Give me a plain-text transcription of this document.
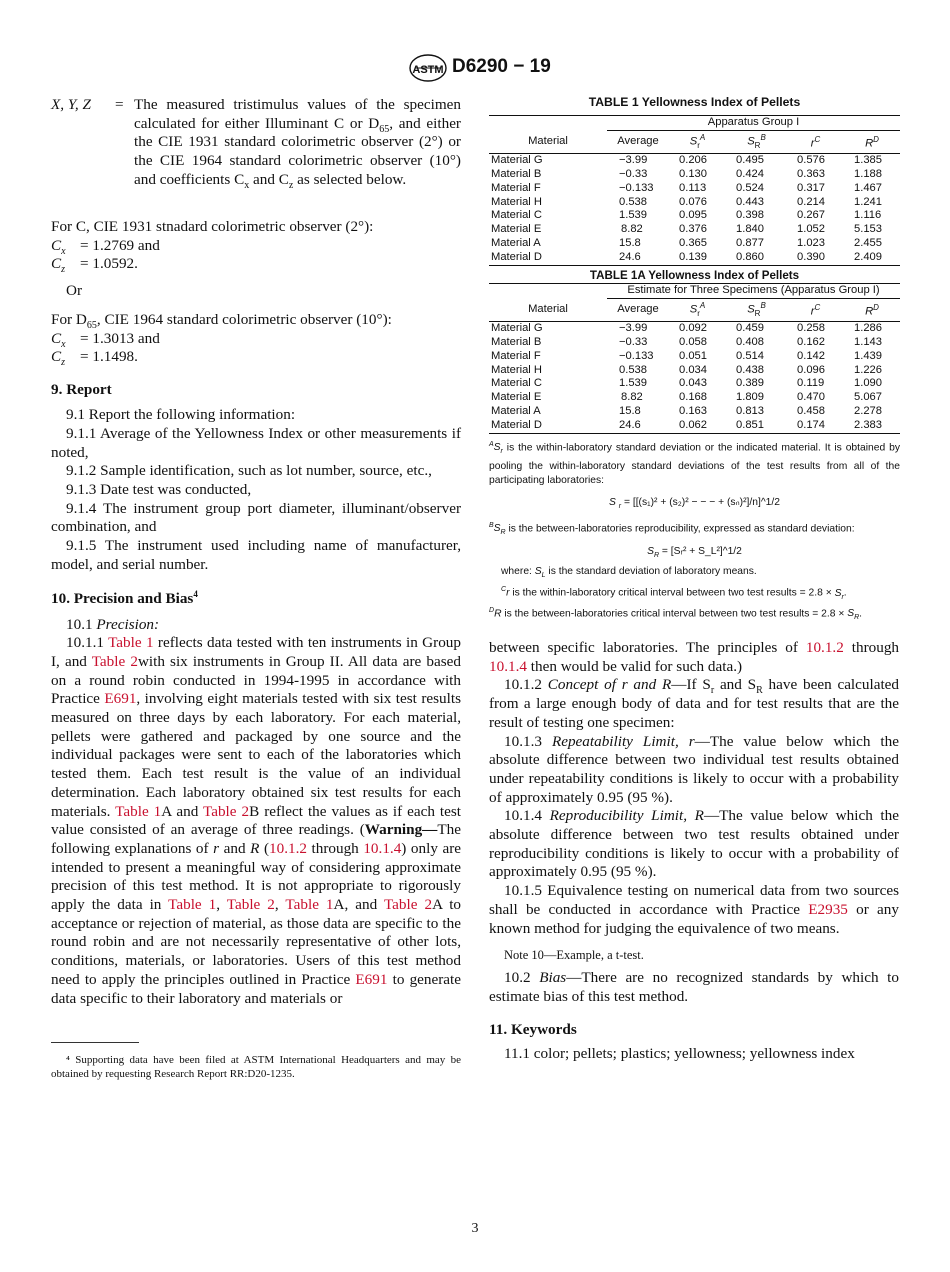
ASTM D6290 − 19
X, Y, Z = The measured tristimulus values of the specimen calculated for either Illuminant C or $D_{65}$, and either the CIE 1931 standard colorimetric observer (2°) or the CIE 1964 standard colorimetric observer (10°) and coefficients $C_x$ and $C_z$ as selected below.
For C, CIE 1931 stnadard colorimetric observer (2°):
$C_x = 1.2769$ and
$C_z = 1.0592$.
Or
For $D_{65}$, CIE 1964 standard colorimetric observer (10°):
$C_x = 1.3013$ and
$C_z = 1.1498$.
9. Report
9.1 Report the following information:
9.1.1 Average of the Yellowness Index or other measurements if noted,
9.1.2 Sample identification, such as lot number, source, etc.,
9.1.3 Date test was conducted,
9.1.4 The instrument group port diameter, illuminant/observer combination, and
9.1.5 The instrument used including name of manufacturer, model, and serial number.
10. Precision and Bias$^4$
10.1 Precision:
10.1.1 Table 1 reflects data tested with ten instruments in Group I, and Table 2with six instruments in Group II. All data are based on a round robin conducted in 1994-1995 in accordance with Practice E691, involving eight materials tested with six test results measured on three days by each laboratory. For each material, pellets were gathered and packaged by one source and the individual packages were sent to each of the laboratories which tested them. Each test result is the value of an individual determination. Each laboratory obtained six test results for each materials. Table 1A and Table 2B reflect the values as if each test value consisted of an average of three readings. (Warning—The following explanations of r and R (10.1.2 through 10.1.4) only are intended to present a meaningful way of considering approximate precision of this test method. It is not appropriate to rigorously apply the data in Table 1, Table 2, Table 1A, and Table 2A to acceptance or rejection of material, as those data are specific to the round robin and are not necessarily representative of other lots, conditions, materials, or laboratories. Users of this test method need to apply the principles outlined in Practice E691 to generate data specific to their laboratory and materials or
⁴ Supporting data have been filed at ASTM International Headquarters and may be obtained by requesting Research Report RR:D20-1235.
TABLE 1 Yellowness Index of Pellets
	Apparatus Group I				
Material	Average	$S_r^A$	$S_R^B$	$r^C$	$R^D$
Material G	−3.99	0.206	0.495	0.576	1.385
Material B	−0.33	0.130	0.424	0.363	1.188
Material F	−0.133	0.113	0.524	0.317	1.467
Material H	0.538	0.076	0.443	0.214	1.241
Material C	1.539	0.095	0.398	0.267	1.116
Material E	8.82	0.376	1.840	1.052	5.153
Material A	15.8	0.365	0.877	1.023	2.455
Material D	24.6	0.139	0.860	0.390	2.409
TABLE 1A Yellowness Index of Pellets
	Estimate for Three Specimens (Apparatus Group I)				
Material	Average	$S_r^A$	$S_R^B$	$r^C$	$R^D$
Material G	−3.99	0.092	0.459	0.258	1.286
Material B	−0.33	0.058	0.408	0.162	1.143
Material F	−0.133	0.051	0.514	0.142	1.439
Material H	0.538	0.034	0.438	0.096	1.226
Material C	1.539	0.043	0.389	0.119	1.090
Material E	8.82	0.168	1.809	0.470	5.067
Material A	15.8	0.163	0.813	0.458	2.278
Material D	24.6	0.062	0.851	0.174	2.383
$^AS_r$ is the within-laboratory standard deviation or the indicated material. It is obtained by pooling the within-laboratory standard deviations of the test results from all of the participating laboratories:
S $_r$ = [[(s₁)² + (s₂)² − − − + (sₙ)²]/n]^1/2
$^BS_R$ is the between-laboratories reproducibility, expressed as standard deviation:
$S_R$ = [Sᵣ² + S_L²]^1/2
where: $S_L$ is the standard deviation of laboratory means.
$^C$r is the within-laboratory critical interval between two test results = $2.8 \times S_r$.
$^D$R is the between-laboratories critical interval between two test results = $2.8 \times S_R$.
between specific laboratories. The principles of 10.1.2 through 10.1.4 then would be valid for such data.)
10.1.2 Concept of r and R—If $S_r$ and $S_R$ have been calculated from a large enough body of data and for test results that are the result of testing one specimen:
10.1.3 Repeatability Limit, r—The value below which the absolute difference between two individual test results obtained under repeatability conditions is likely to occur with a probability of approximately 0.95 (95 %).
10.1.4 Reproducibility Limit, R—The value below which the absolute difference between two test results obtained under reproducibility conditions is likely to occur with a probability of approximately 0.95 (95 %).
10.1.5 Equivalence testing on numerical data from two sources shall be conducted in accordance with Practice E2935 or any known method for judging the equivalence of two means.
Note 10—Example, a t-test.
10.2 Bias—There are no recognized standards by which to estimate bias of this test method.
11. Keywords
11.1 color; pellets; plastics; yellowness; yellowness index
3
